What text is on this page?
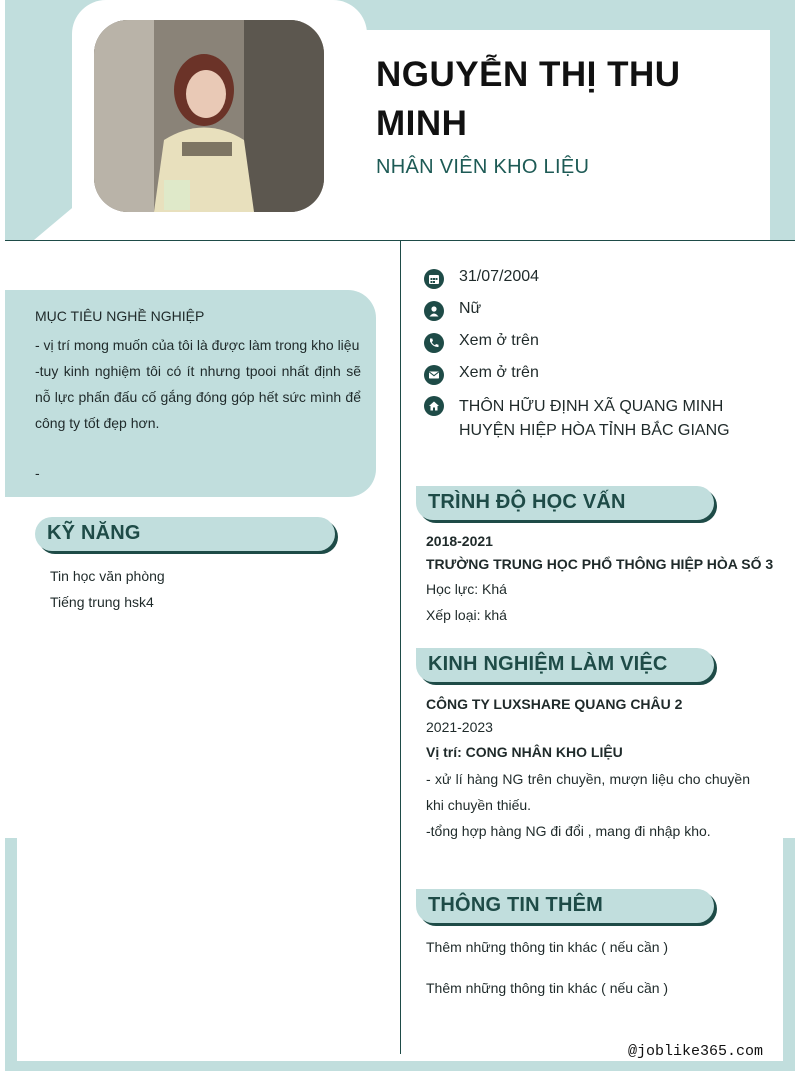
NGUYỄN THỊ THU MINH
NHÂN VIÊN KHO LIỆU
MỤC TIÊU NGHỀ NGHIỆP
- vị trí mong muốn của tôi là được làm trong kho liệu
-tuy kinh nghiệm tôi có ít nhưng tpooi nhất định sẽ nỗ lực phấn đấu cố gắng đóng góp hết sức mình để công ty tốt đẹp hơn.
-
KỸ NĂNG
Tin học văn phòng
Tiếng trung hsk4
31/07/2004
Nữ
Xem ở trên
Xem ở trên
THÔN HỮU ĐỊNH XÃ QUANG MINH HUYỆN HIỆP HÒA TỈNH BẮC GIANG
TRÌNH ĐỘ HỌC VẤN
2018-2021
TRƯỜNG TRUNG HỌC PHỔ THÔNG HIỆP HÒA SỐ 3
Học lực: Khá
Xếp loại: khá
KINH NGHIỆM LÀM VIỆC
CÔNG TY LUXSHARE QUANG CHÂU 2
2021-2023
Vị trí: CONG NHÂN KHO LIỆU
- xử lí hàng NG trên chuyền, mượn liệu cho chuyền khi chuyền thiếu.
-tổng hợp hàng NG đi đổi , mang đi nhập kho.
THÔNG TIN THÊM
Thêm những thông tin khác ( nếu cần )
Thêm những thông tin khác ( nếu cần )
@joblike365.com
